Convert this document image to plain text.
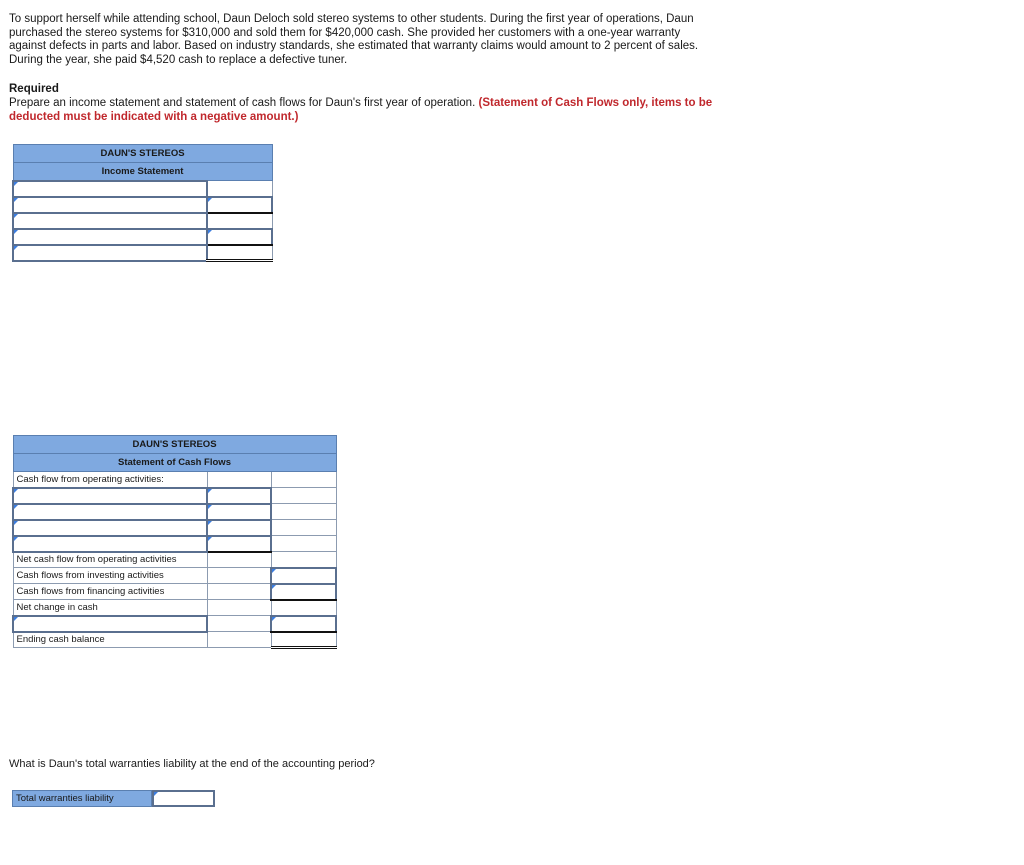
To support herself while attending school, Daun Deloch sold stereo systems to other students. During the first year of operations, Daun purchased the stereo systems for $310,000 and sold them for $420,000 cash. She provided her customers with a one-year warranty against defects in parts and labor. Based on industry standards, she estimated that warranty claims would amount to 2 percent of sales. During the year, she paid $4,520 cash to replace a defective tuner.

Required

Prepare an income statement and statement of cash flows for Daun's first year of operation. (Statement of Cash Flows only, items to be deducted must be indicated with a negative amount.)

DAUN'S STEREOS	
Income Statement	

DAUN'S STEREOS		
Statement of Cash Flows		
Cash flow from operating activities:		

Net cash flow from operating activities		
Cash flows from investing activities		
Cash flows from financing activities		
Net change in cash		

Ending cash balance		

What is Daun's total warranties liability at the end of the accounting period?

Total warranties liability
